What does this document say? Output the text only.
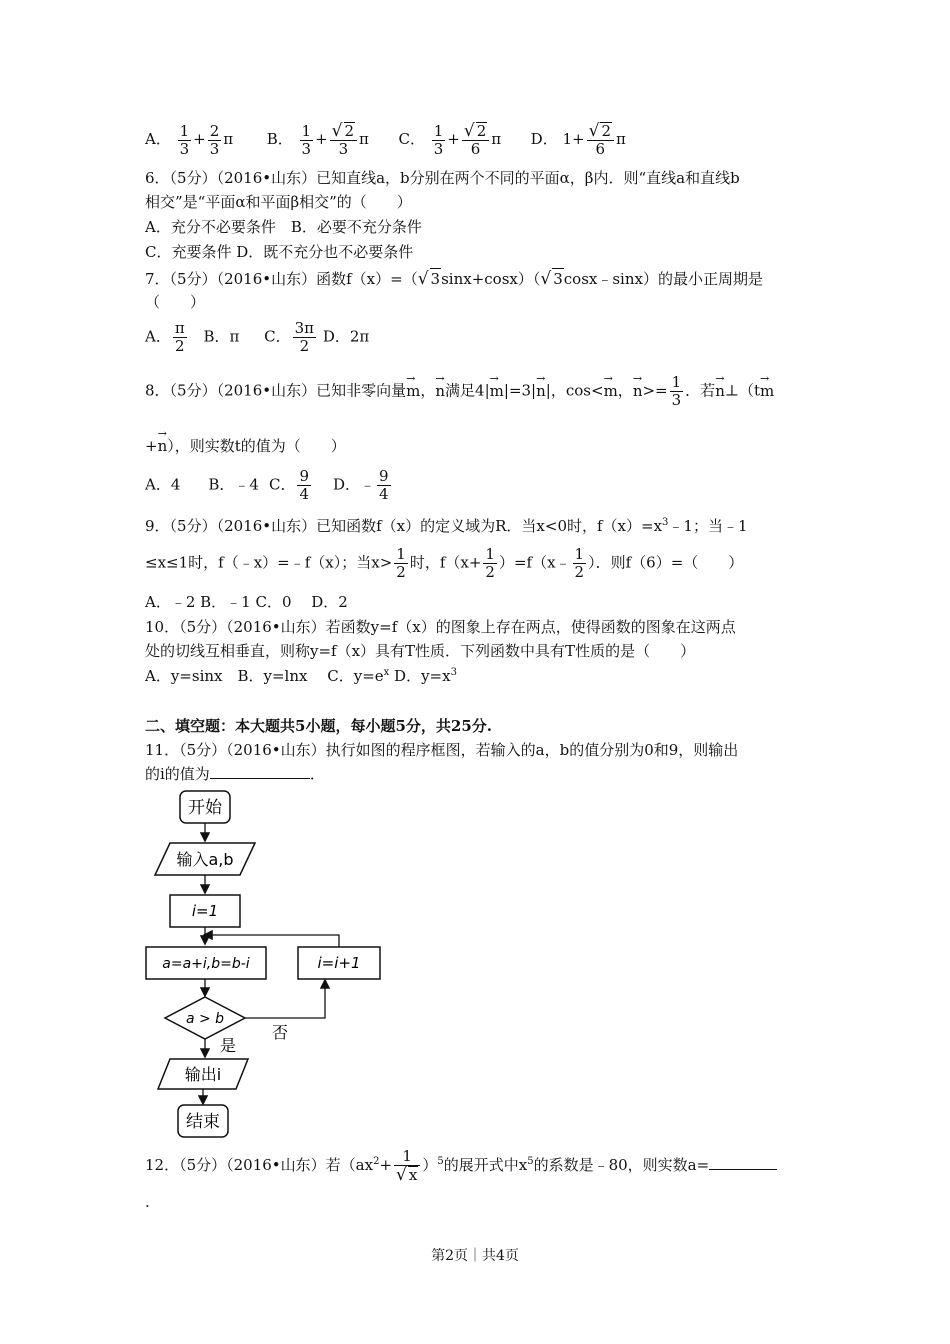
A． $\frac{1}{3} + \frac{2}{3}$ π B． $\frac{1}{3} + \frac{√ 2}{3}$ π C． $\frac{1}{3} + \frac{√ 2}{6}$ π D． $1+ \frac{√ 2}{6}$ π
6．（5分）（2016•山东）已知直线a，b分别在两个不同的平面α，β内．则“直线a和直线b
相交”是“平面α和平面β相交”的（　　）
A．充分不必要条件　B．必要不充分条件
C．充要条件 D．既不充分也不必要条件
7．（5分）（2016•山东）函数f（x）=（√ 3sinx+cosx）（√ 3cosx﹣sinx）的最小正周期是
（　　）
A． $\frac{\pi}{2}$ B．π C． $\frac{3\pi}{2}$ D．2π
8．（5分）（2016•山东）已知非零向量→ m，→ n满足4|→ m|=3|→ n|，cos<→ m，→ $n>= \frac{1}{3}$ ．若→ n⊥（t→ m
+→ n），则实数t的值为（　　）
A．4 B．﹣4 C． $\frac{9}{4}$ D．﹣ $\frac{9}{4}$
9．（5分）（2016•山东）已知函数f（x）的定义域为R．当x<0时，$f(x)=x^3﹣1$；当﹣1
≤x≤1时，f（﹣x）=﹣f（x）；当$x> \frac{1}{2}$ 时，$f(x+ \frac{1}{2}$ ）=f（x﹣ $\frac{1}{2}$ ）．则f（6）=（　　）
A．﹣2 B．﹣1 C．0　 D．2
10．（5分）（2016•山东）若函数y=f（x）的图象上存在两点，使得函数的图象在这两点
处的切线互相垂直，则称y=f（x）具有T性质．下列函数中具有T性质的是（　　）
A．y=sinx　B．y=lnx　 C．$y=e^x$ D．$y=x^3$
二、填空题：本大题共5小题，每小题5分，共25分.
11．（5分）（2016•山东）执行如图的程序框图，若输入的a，b的值分别为0和9，则输出
的i的值为	．
开始
输入a,b
i=1
a=a+i,b=b-i	i=i+1
a > b
否
是
输出i
结束
12．（5分）（2016•山东）若$(ax^2+ \frac{1}{√ x} )^5$的展开式中$x^5$的系数是﹣80，则实数a=
.
第2页｜共4页
